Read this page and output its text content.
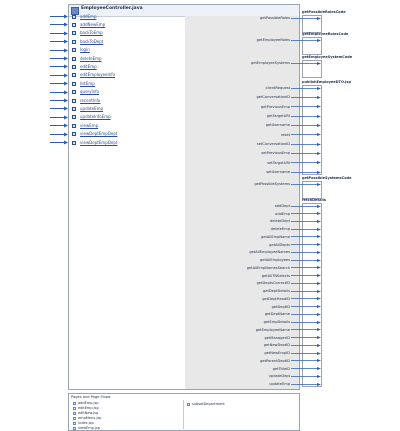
EmployeeController.java
addEmp
addNewEmp
backToEmp
backToDept
login
deleteEmp
editEmp
editEmployeeInfo
listEmp
queryInfo
recentInfo
updateEmp
updateInfoEmp
viewEmp
viewDeptEmpDept
viewDeptEmpDept
getPossibleRolesCode
getPossibleRoles
getEmployeeRolesCode
getEmployeeRoles
getEmployeeSystemCode
getEmployeeSystems
publishEmployeeDTO.jsp
clientRequest
getConversationID
getPreviousEmp
getTargetURI
getUsername
reset
setConversationID
setPreviousEmp
setTargetURI
setUsername
getPossibleSystemsCode
getPossibleSystems
fetchDetails
addDept
addEmp
deleteDept
deleteEmp
getAllEmpName
getAllDepts
getAllEmployeeNames
getAllEmployees
getAllEmpNamesSearch
getAllTNSelects
getDeptsCorrectID
getDeptDetails
getDeptHeadID
getDeptID
getDeptName
getEmpDetails
getEmployeeName
getManagerID
getNewDeptID
getNewEmpID
getParentDeptID
getTitleID
updateDept
updateEmp
Pages and Page Flows
addEmp.jsp
editEmp.jsp
editNew.jsp
empMenu.jsp
index.jsp
viewEmp.jsp
subsetDepartment
